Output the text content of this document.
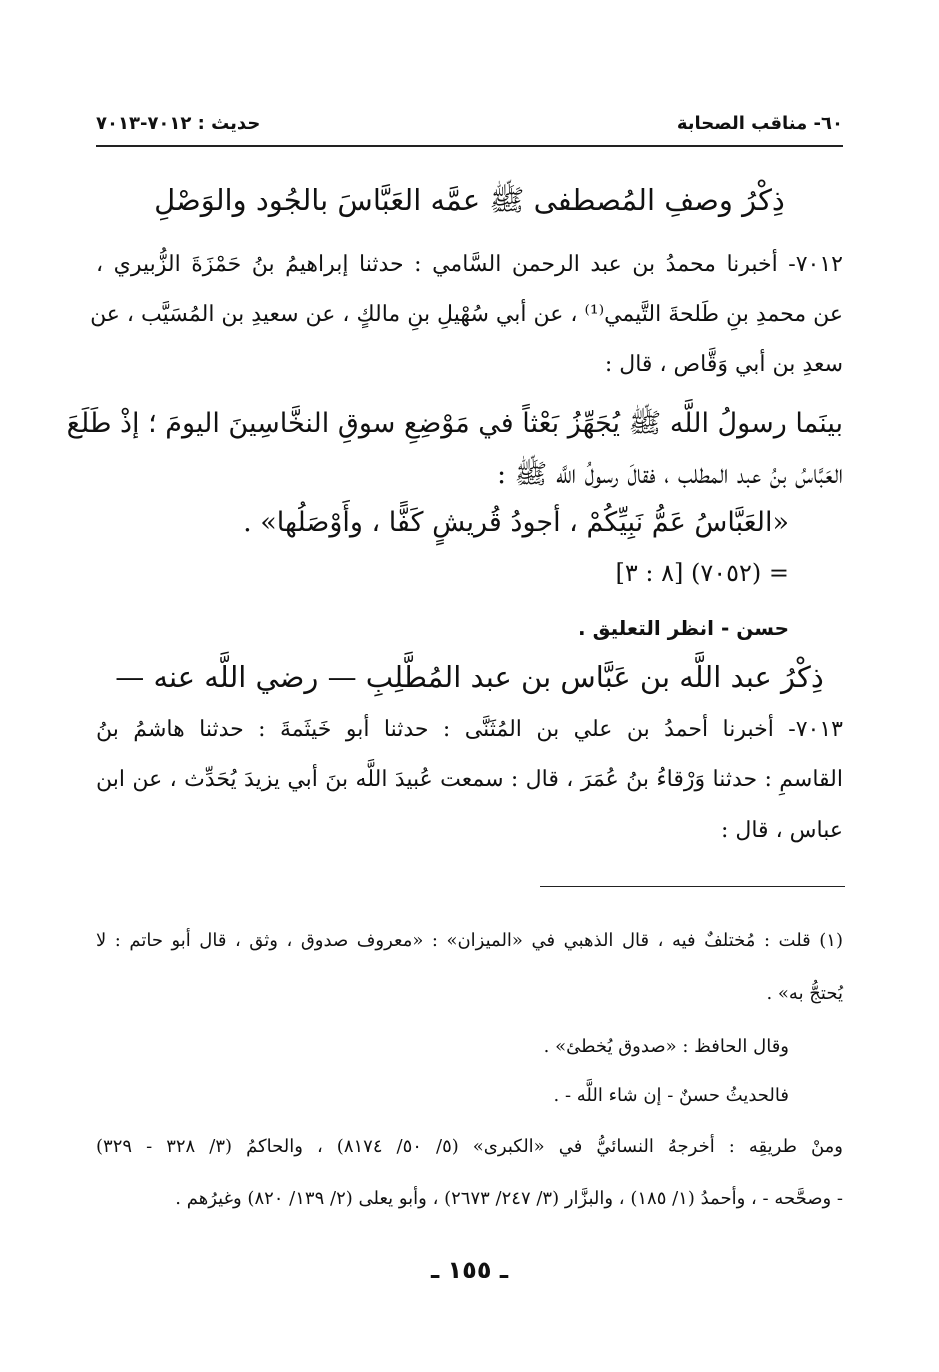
حديث : ٧٠١٢-٧٠١٣	٦٠- مناقب الصحابة
ذِكْرُ وصفِ المُصطفى ﷺ عمَّه العَبَّاسَ بالجُود والوَصْلِ
٧٠١٢- أخبرنا محمدُ بن عبد الرحمن السَّامي : حدثنا إبراهيمُ بنُ حَمْزَةَ الزُّبيري ،
عن محمدِ بنِ طَلحةَ التَّيمي⁽¹⁾ ، عن أبي سُهْيلِ بنِ مالكٍ ، عن سعيدِ بن المُسَيَّب ، عن
سعدِ بن أبي وَقَّاص ، قال :
بينَما رسولُ اللَّه ﷺ يُجَهِّزُ بَعْثاً في مَوْضِعِ سوقِ النخَّاسِينَ اليومَ ؛ إذْ طَلَعَ
العَبَّاسُ بنُ عبد المطلب ، فقالَ رسولُ اللَّه ﷺ :
«العَبَّاسُ عَمُّ نَبِيِّكُمْ ، أجودُ قُريشٍ كَفًّا ، وأَوْصَلُها» .
= (٧٠٥٢) [٨ : ٣]
حسن - انظر التعليق .
ذِكْرُ عبد اللَّه بن عَبَّاس بن عبد المُطَّلِبِ — رضي اللَّه عنه —
٧٠١٣- أخبرنا أحمدُ بن علي بن المُثَنَّى : حدثنا أبو خَيثَمةَ : حدثنا هاشمُ بنُ
القاسمِ : حدثنا وَرْقاءُ بنُ عُمَرَ ، قال : سمعت عُبيدَ اللَّه بنَ أبي يزيدَ يُحَدِّث ، عن ابن
عباس ، قال :
(١) قلت : مُختلفٌ فيه ، قال الذهبي في «الميزان» : «معروف صدوق ، وثق ، قال أبو حاتم : لا
يُحتجُّ به» .
وقال الحافظ : «صدوق يُخطئ» .
فالحديثُ حسنٌ - إن شاء اللَّه - .
ومنْ طريقِه : أخرجهُ النسائيُّ في «الكبرى» (٥/ ٥٠/ ٨١٧٤) ، والحاكمُ (٣/ ٣٢٨ - ٣٢٩)
- وصحَّحه - ، وأحمدُ (١/ ١٨٥) ، والبزَّار (٣/ ٢٤٧/ ٢٦٧٣) ، وأبو يعلى (٢/ ١٣٩/ ٨٢٠) وغيرُهم .
ـ ١٥٥ ـ
